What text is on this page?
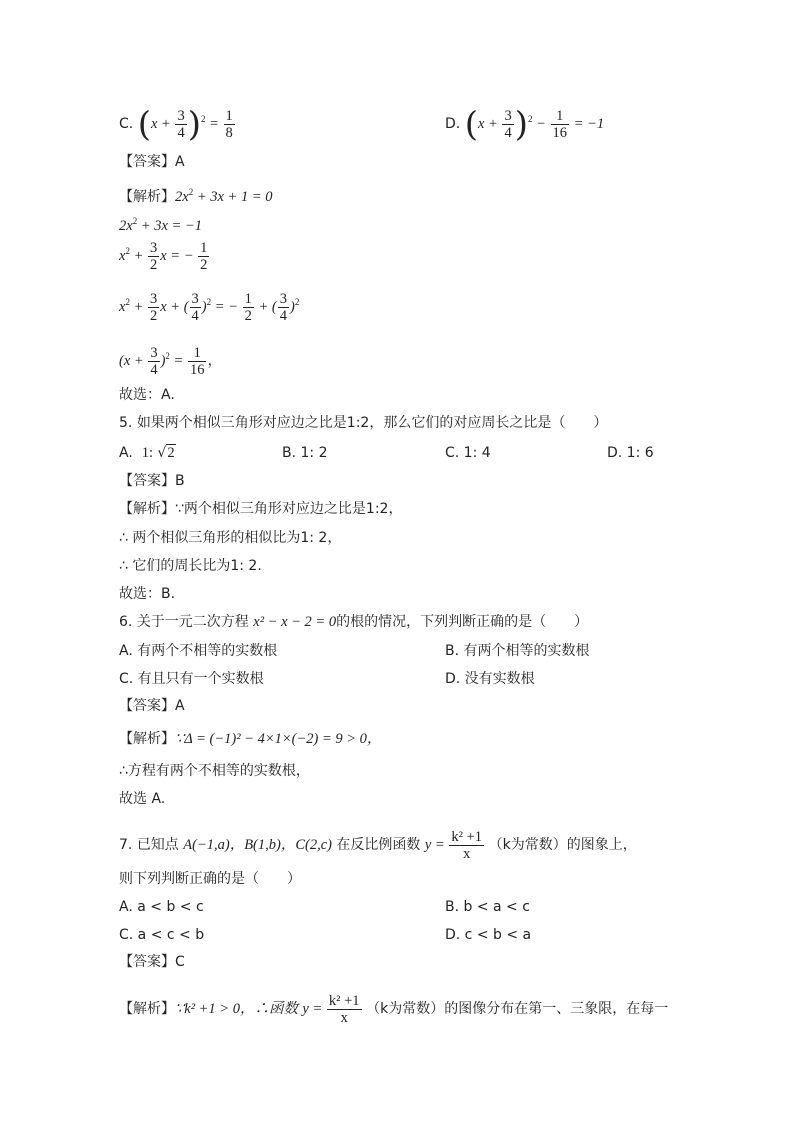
C. $(x + \frac{3}{4} )^2 = \frac{1}{8}$	D. $(x + \frac{3}{4} )^2 - \frac{1}{16} = -1$
【答案】A
【解析】$2x^2 + 3x + 1 = 0$
$2x^2 + 3x = -1$
$x^2 + \frac{3}{2}$ x = − $\frac{1}{2}$
$x^2 + \frac{3}{2}$ x + ( $\frac{3}{4} )^2$ = − $\frac{1}{2}$ + ( $\frac{3}{4} )^2$
$(x + \frac{3}{4} )^2 = \frac{1}{16}$ ，
故选：A.
5. 如果两个相似三角形对应边之比是1:2，那么它们的对应周长之比是（　　）
A. 1: √2	B. 1: 2	C. 1: 4	D. 1: 6
【答案】B
【解析】∵两个相似三角形对应边之比是1:2，
∴ 两个相似三角形的相似比为1: 2，
∴ 它们的周长比为1: 2.
故选：B.
6. 关于一元二次方程 x² − x − 2 = 0的根的情况，下列判断正确的是（　　）
A. 有两个不相等的实数根	B. 有两个相等的实数根
C. 有且只有一个实数根	D. 没有实数根
【答案】A
【解析】∵Δ = (−1)² − 4×1×(−2) = 9 > 0，
∴方程有两个不相等的实数根，
故选 A.
7. 已知点 A(−1,a)，B(1,b)，C(2,c) 在反比例函数 $y = \frac{\text{k² +1}}{x} (k$为常数）的图象上，
则下列判断正确的是（　　）
A. a < b < c	B. b < a < c
C. a < c < b	D. c < b < a
【答案】C
【解析】∵k² +1 > 0，∴函数 $y = \frac{\text{k² +1}}{x} (k$为常数）的图像分布在第一、三象限，在每一
